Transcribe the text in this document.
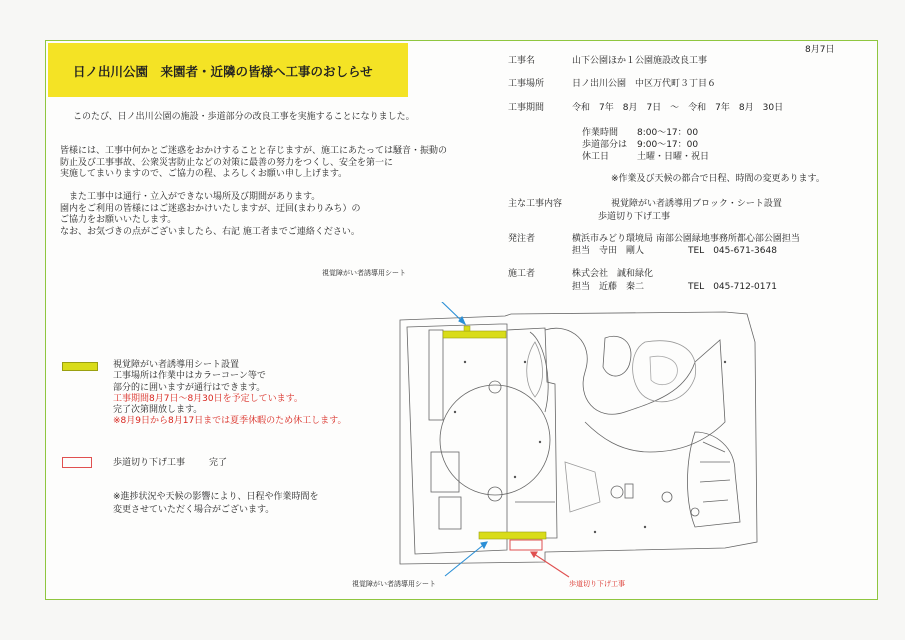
日ノ出川公園　来園者・近隣の皆様へ工事のおしらせ
8月7日
このたび、日ノ出川公園の施設・歩道部分の改良工事を実施することになりました。
皆様には、工事中何かとご迷惑をおかけすることと存じますが、施工にあたっては騒音・振動の
防止及び工事事故、公衆災害防止などの対策に最善の努力をつくし、安全を第一に
実施してまいりますので、ご協力の程、よろしくお願い申し上げます。
　また工事中は通行・立入ができない場所及び期間があります。
園内をご利用の皆様にはご迷惑おかけいたしますが、迂回(まわりみち）の
ご協力をお願いいたします。
なお、お気づきの点がございましたら、右記 施工者までご連絡ください。
工事名	山下公園ほか１公園施設改良工事
工事場所	日ノ出川公園　中区万代町３丁目６
工事期間	令和　7年　8月　7日　～　令和　7年　8月　30日
作業時間 8:00～17：00
歩道部分は 9:00～17：00
休工日	土曜・日曜・祝日
※作業及び天候の都合で日程、時間の変更あります。
主な工事内容	視覚障がい者誘導用ブロック・シート設置
歩道切り下げ工事
発注者	横浜市みどり環境局 南部公園緑地事務所都心部公園担当
担当　寺田　剛人	TEL　045-671-3648
施工者	株式会社　誠和緑化
担当　近藤　秦二	TEL　045-712-0171
視覚障がい者誘導用シート設置
工事場所は作業中はカラーコーン等で
部分的に囲いますが通行はできます。
工事期間8月7日～8月30日を予定しています。
完了次第開放します。
※8月9日から8月17日までは夏季休暇のため休工します。
歩道切り下げ工事	完了
※進捗状況や天候の影響により、日程や作業時間を
変更させていただく場合がございます。
視覚障がい者誘導用シート
視覚障がい者誘導用シート	歩道切り下げ工事
